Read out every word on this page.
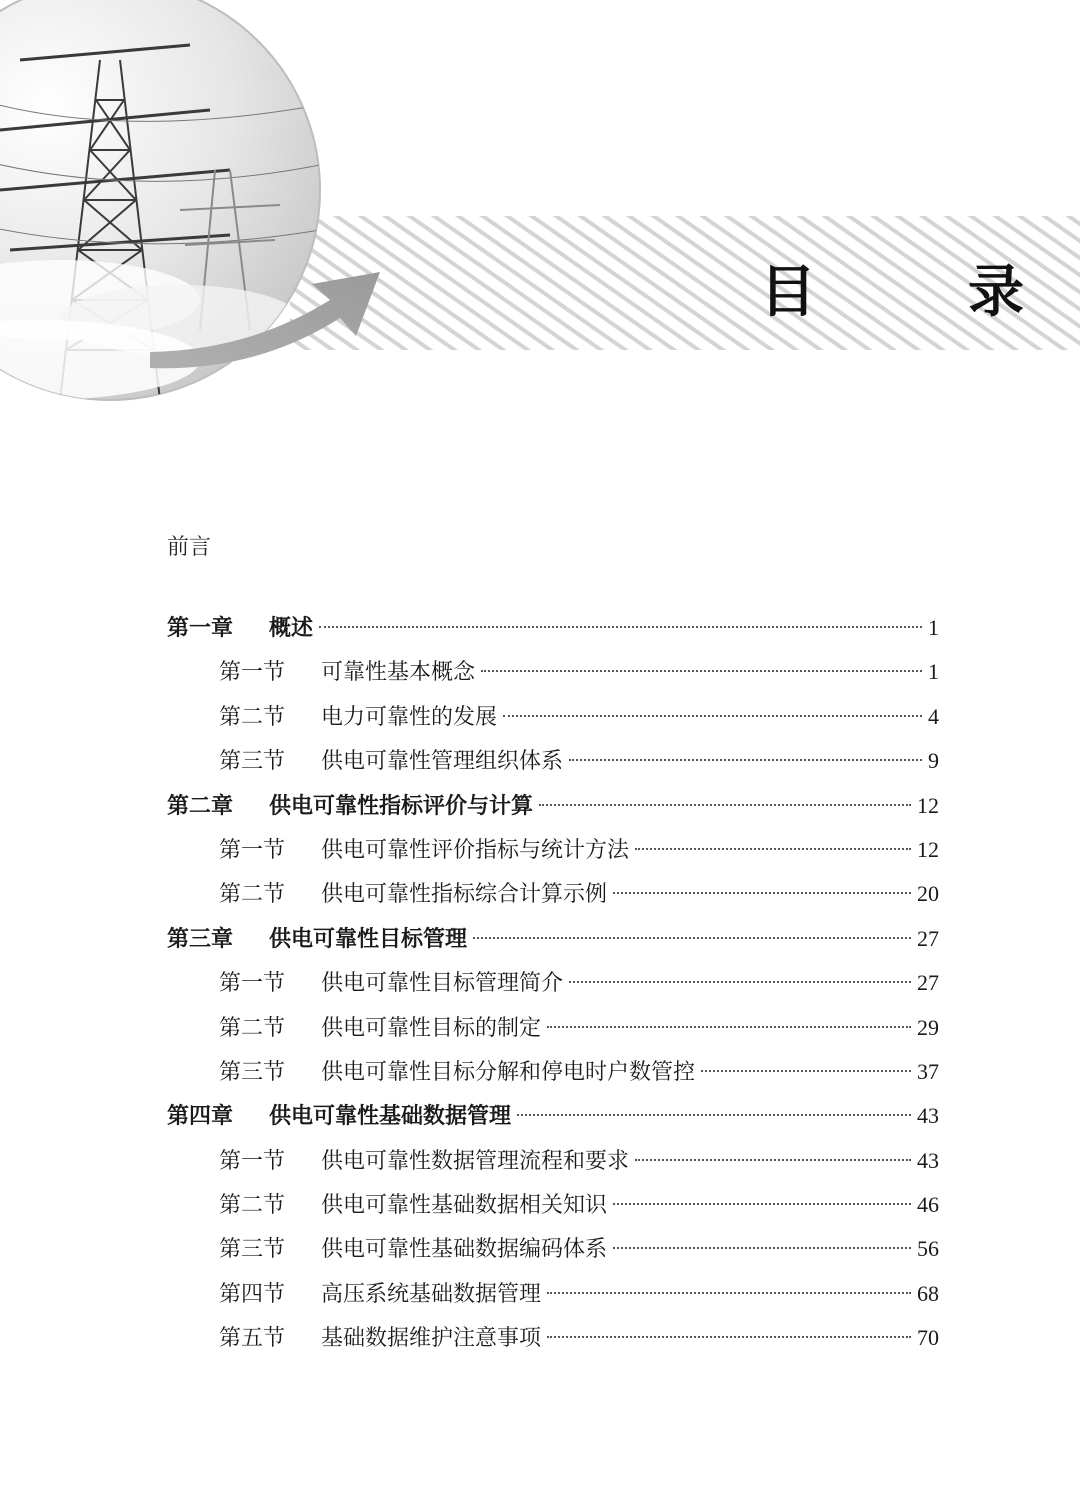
目　录
前言
第一章	概述	1
第一节	可靠性基本概念	1
第二节	电力可靠性的发展	4
第三节	供电可靠性管理组织体系	9
第二章	供电可靠性指标评价与计算	12
第一节	供电可靠性评价指标与统计方法	12
第二节	供电可靠性指标综合计算示例	20
第三章	供电可靠性目标管理	27
第一节	供电可靠性目标管理简介	27
第二节	供电可靠性目标的制定	29
第三节	供电可靠性目标分解和停电时户数管控	37
第四章	供电可靠性基础数据管理	43
第一节	供电可靠性数据管理流程和要求	43
第二节	供电可靠性基础数据相关知识	46
第三节	供电可靠性基础数据编码体系	56
第四节	高压系统基础数据管理	68
第五节	基础数据维护注意事项	70
